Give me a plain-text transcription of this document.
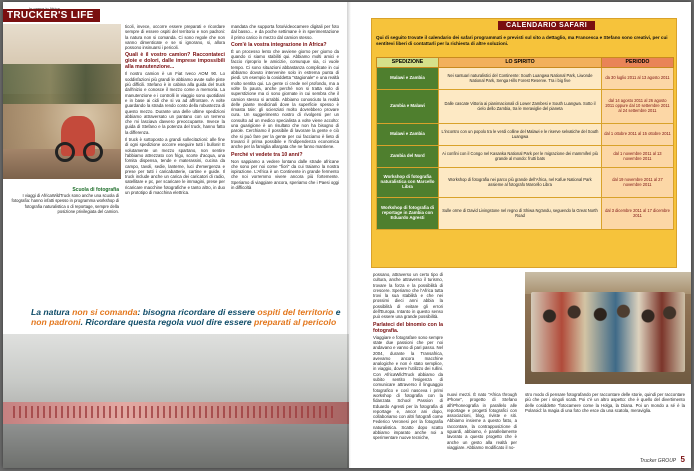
TRUCKER'S LIFE
Scuola di fotografia
I viaggi di AfricaWildTruck sono anche una scuola di fotografia: hanno infatti spesso in programma workshop di fotografia naturalistica o di reportage, sempre della posizione privilegiata del camion.

ticoli, invece, occorre essere preparati e ricordare sempre di essere ospiti del territorio e non padroni: la natura non si comanda. Ci sono regole che non vanno dimenticate e se si ignorano, si, allora possono insinuarsi i pericoli.

Quali è il vostro camion? Raccontateci gioie e dolori, dalle imprese impossibili alla manutenzione...

Il nostro camion è un Fiat Iveco AOM 90. Lo soddisfazioni più grandi le abbiamo avute sulle piste più difficili. Stefano è in cabina alla guida del truck dall'inizio e conosce il mezzo come a memoria. La manutenzione e i controlli in viaggio sono quotidiani e in base ai cidi che si va ad affrontare. A volte guardando la strada rendo conto della robustezza di questo mezzo. Durante una delle ultime spedizioni abbiamo attraversato un pantano con un terreno che mi lasciava davvero preoccupante. Invece la guida di Stefano e la potenza del truck, hanno fatto la differenza.

Il truck è sottoposto a grandi sollecitazioni: alle fine di ogni spedizione occorre eseguire tutti i bulloni! E volutamente un mezzo spartano, non sentire l'abbiamo attrezzato con frigo, scorte d'acqua, una fornita dispensa, tende e materassini, cucina da campo, tavoli, sedie, lanterne, luci d'emergenza e prese per tutti i caricabatterie, cartine e guide. Il truck include anche un carica dei caricatori di radio, satellitare e pc, per scaricare le immagini, prese per ricaricare macchine fotografiche e tanto altro, in duo un prototipo di macchina elettrica.

mandata che supporta foto/videocamere digitali per foto dal basso... e da poche settimane è in sperimentazione il primo carico in mezzo dal camion stesso.

Com'è la vostra integrazione in Africa?

È un processo lento che avviene giorno per giorno da quando ci siamo stabiliti qui. Abbiamo molti amici e faccio riproprio le amicizie, comunque sia, ci vuole tempo. Ci sono situazioni abbastanza complicate in cui abbiamo dovuto intervenire solo in estrema punta di piedi. Un esempio la cosiddetta "stagionale" e una realtà molto sentita qui. La gente ci crede nel profondo, ma a volte fa paura, anche perché non si tratta solo di superstizione ma ci sono giornate in cui sembra che il camion stesso si arrabbi. Abbiamo conosciuto la realtà delle piante medicinali dove la superficie spesso è rimasta tale: gli scienziati molto dovrebbero provare cura. Un suggerimento nostro di rivolgersi per un consulto ad un medico specialista a volte viene accolto: una guarigione è un risultato che non ha bisogno di parole. Cerchiamo il possibile di lavorare la gente e ciò che si può fare per la gente per cui facciamo è lieto di trovarci il prima possibile e l'indipendenza economica anche per la famiglia allargata che ne fanno mantiene.

Perché vi vedete tra 10 anni?

Non sappiamo a vedere lontano dalle strade africane che sono per noi come "fiori" da cui traiamo la nostra ispirazione. L'Africa è un Continente in grande fermento che noi vorremmo vivere ancora più fortemente. Speriamo di viaggiare ancora, speriamo che i Paesi oggi in difficoltà

La natura non si comanda: bisogna ricordare di essere ospiti del territorio e non padroni. Ricordare questa regola vuol dire essere preparati al pericolo
CALENDARIO SAFARI
Qui di seguito trovate il calendario dei safari programmati e previsti sul sito a dettaglio, ma Francesca e Stefano sono creativi, per cui sentitevi liberi di contattarli per la richiesta di altre soluzioni.
SPEDIZIONE	LO SPIRITO	PERIODO
Malawi e Zambia	Nei santuari naturalistici del Continente: South Luangwa National Park, Liwonde National Park, Senga Hills Forest Reserve. Tra i big five	da 30 luglio 2011 al 13 agosto 2011
Zambia e Malawi	Dalle cascate Vittoria ai pianimacionali di Lower Zambesi e South Luangwa. Sotto il cielo dello Zambia, tra le meraviglie del pianeta	dal 14 agosto 2011 al 26 agosto 2011 oppure dal 10 settembre 2011 al 24 settembre 2011
Malawi e Zambia	L'incontro con un popolo tra le verdi colline del Malawi e le riserve selvatiche del South Luangwa	dal 1 ottobre 2011 al 15 ottobre 2011
Zambia del Nord	Ai confini con il Congo nel Kasanka National Park per le migrazione dei mammiferi più grande al mondo: frutti bats	dal 1 novembre 2011 al 13 novembre 2011
Workshop di fotografia naturalistica con Marcello Libra	Workshop di fotografia nei parco più grande dell'Africa, nel Kafue National Park assieme al fotografo Marcello Libra	dal 19 novembre 2011 al 27 novembre 2011
Workshop di fotografia di reportage in Zambia con Eduardo Agresti	Sulle orme di David Livingstone nel regno di Shiwa Ng'andu, seguendo la Great North Road	dal 3 dicembre 2011 al 17 dicembre 2011

possano, attraverso un certo tipo di cultura, anche attraverso il turismo, trovare la forza e la possibilità di crescere. Speriamo che l'Africa tutta trovi la sua stabilità e che nei prossimi dieci anni abbia la possibilità di evitare gli errori dell'Europa. Intanto in questo senso può essere una grande possibilità.

Parlateci del binomio con la fotografia.

Viaggiare e fotografare sono sempre state due passioni che per noi andavano e vanno di pari passo. Nel 2004, durante la Transafrica, avevamo ancora macchine analogiche e non è stato semplice, in viaggio, dovere l'utilizzo dei rullini. Con AfricaWildTruck abbiamo da subito sentito l'esigenza di comunicare attraverso il linguaggio fotografico e così nasceva i primi workshop di fotografia con la fidanzata School Passion di Eduardo Agresti per la fotografia di reportage e, ancor ani dopo, collaboriamo con altri fotografi come Federico Veronesi per la fotografia naturalistica. Scatto dopo scatto abbiamo imparato anche noi a sperimentare nuove tecniche,

nuovi mezzi. È nato "Africa through iPhone", progetto di Stefano all'iPhoneografia in parallelo alle reportage e progetti fotografici con associazioni, blog, riviste e siti. Abbiamo insieme a questo fatto, a raccontare, la contrapposizione di sguardi, abbiamo, è parallelamente lavorato a questo progetto che è anche un gesto alla realtà per viaggiare. Abbiamo modificato il no-

stro modo di pensare fotografando per raccontare delle storie, quindi per raccontare più che per i singoli scatti. Poi c'è un altro aspetto: che è quello del divertimento delle cosiddette "fotocamere come la Holga, la Diana. Poi un mondo a sé è la Polaroid: la magia di una foto che esce da una scatola, meraviglia.

Trucker GROUP 5
